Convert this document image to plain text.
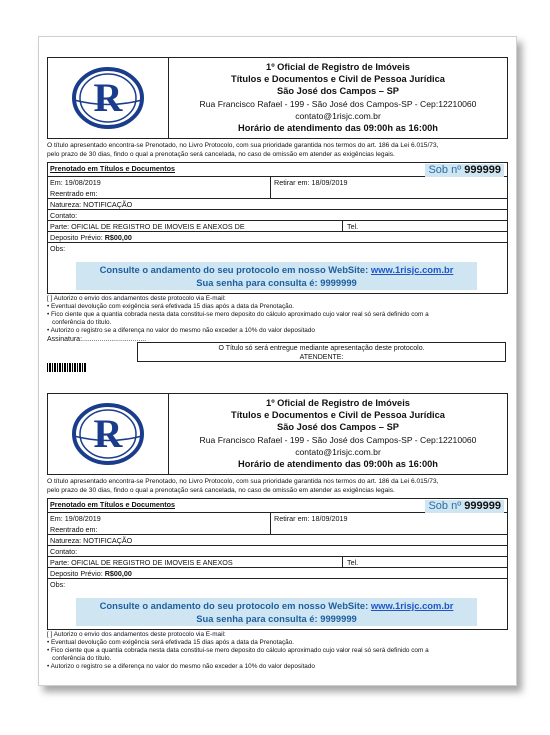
R
1º Oficial de Registro de Imóveis
Títulos e Documentos e Civil de Pessoa Jurídica
São José dos Campos – SP
Rua Francisco Rafael - 199 - São José dos Campos-SP - Cep:12210060
contato@1risjc.com.br
Horário de atendimento das 09:00h as 16:00h
O título apresentado encontra-se Prenotado, no Livro Protocolo, com sua prioridade garantida nos termos do art. 186 da Lei 6.015/73,
pelo prazo de 30 dias, findo o qual a prenotação será cancelada, no caso de omissão em atender as exigências legais.
Prenotado em Títulos e Documentos	Sob nº 999999
Em: 19/08/2019	Retirar em: 18/09/2019
Reentrado em:
Natureza: NOTIFICAÇÃO
Contato:
Parte: OFICIAL DE REGISTRO DE IMOVEIS E ANEXOS DE	Tel.
Deposito Prévio: R$00,00
Obs:
Consulte o andamento do seu protocolo em nosso WebSite: www.1risjc.com.br
Sua senha para consulta é: 9999999
[ ] Autorizo o envio dos andamentos deste protocolo via E-mail:
• Eventual devolução com exigência será efetivada 15 dias após a data da Prenotação.
• Fico ciente que a quantia cobrada nesta data constitui-se mero deposito do cálculo aproximado cujo valor real só será definido com a
conferência do título.
• Autorizo o registro se a diferença no valor do mesmo não exceder a 10% do valor depositado
Assinatura:.................................
O Título só será entregue mediante apresentação deste protocolo.
ATENDENTE:
R
1º Oficial de Registro de Imóveis
Títulos e Documentos e Civil de Pessoa Jurídica
São José dos Campos – SP
Rua Francisco Rafael - 199 - São José dos Campos-SP - Cep:12210060
contato@1risjc.com.br
Horário de atendimento das 09:00h as 16:00h
O título apresentado encontra-se Prenotado, no Livro Protocolo, com sua prioridade garantida nos termos do art. 186 da Lei 6.015/73,
pelo prazo de 30 dias, findo o qual a prenotação será cancelada, no caso de omissão em atender as exigências legais.
Prenotado em Títulos e Documentos	Sob nº 999999
Em: 19/08/2019	Retirar em: 18/09/2019
Reentrado em:
Natureza: NOTIFICAÇÃO
Contato:
Parte: OFICIAL DE REGISTRO DE IMOVEIS E ANEXOS	Tel.
Deposito Prévio: R$00,00
Obs:
Consulte o andamento do seu protocolo em nosso WebSite: www.1risjc.com.br
Sua senha para consulta é: 9999999
[ ] Autorizo o envio dos andamentos deste protocolo via E-mail:
• Eventual devolução com exigência será efetivada 15 dias após a data da Prenotação.
• Fico ciente que a quantia cobrada nesta data constitui-se mero deposito do cálculo aproximado cujo valor real só será definido com a
conferência do título.
• Autorizo o registro se a diferença no valor do mesmo não exceder a 10% do valor depositado
